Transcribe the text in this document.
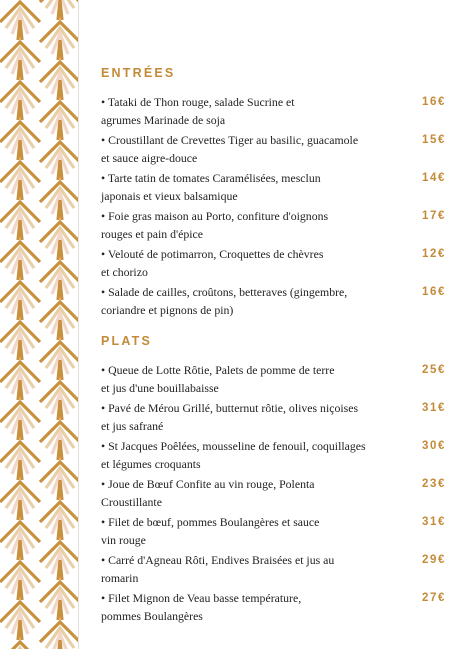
ENTRÉES
• Tataki de Thon rouge, salade Sucrine et
agrumes Marinade de soja
16€
• Croustillant de Crevettes Tiger au basilic, guacamole
et sauce aigre-douce
15€
• Tarte tatin de tomates Caramélisées, mesclun
japonais et vieux balsamique
14€
• Foie gras maison au Porto, confiture d'oignons
rouges et pain d'épice
17€
• Velouté de potimarron, Croquettes de chèvres
et chorizo
12€
• Salade de cailles, croûtons, betteraves (gingembre,
coriandre et pignons de pin)
16€
PLATS
• Queue de Lotte Rôtie, Palets de pomme de terre
et jus d'une bouillabaisse
25€
• Pavé de Mérou Grillé, butternut rôtie, olives niçoises
et jus safrané
31€
• St Jacques Poêlées, mousseline de fenouil, coquillages
et légumes croquants
30€
• Joue de Bœuf Confite au vin rouge, Polenta
Croustillante
23€
• Filet de bœuf, pommes Boulangères et sauce
vin rouge
31€
• Carré d'Agneau Rôti, Endives Braisées et jus au
romarin
29€
• Filet Mignon de Veau basse température,
pommes Boulangères
27€
